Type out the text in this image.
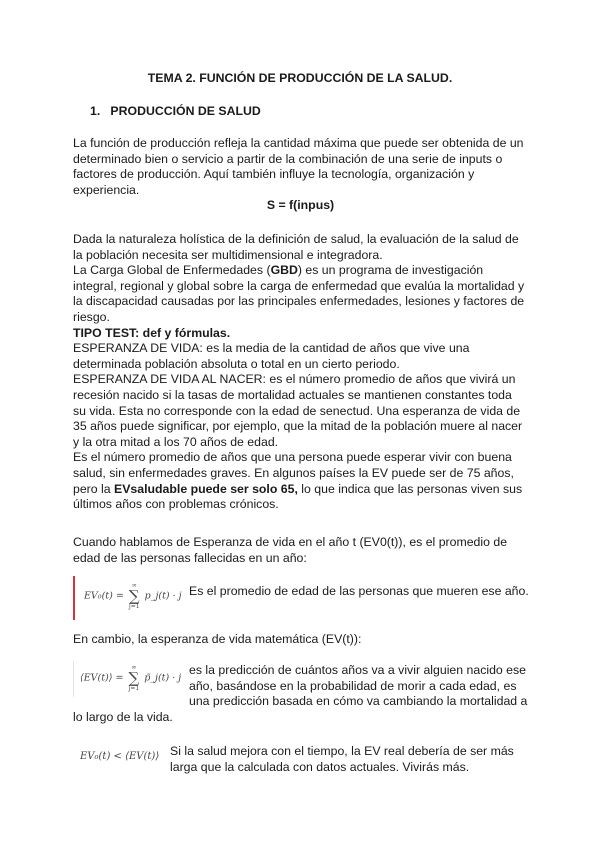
TEMA 2. FUNCIÓN DE PRODUCCIÓN DE LA SALUD.
1. PRODUCCIÓN DE SALUD

La función de producción refleja la cantidad máxima que puede ser obtenida de un determinado bien o servicio a partir de la combinación de una serie de inputs o factores de producción. Aquí también influye la tecnología, organización y experiencia.

S = f(inpus)

Dada la naturaleza holística de la definición de salud, la evaluación de la salud de la población necesita ser multidimensional e integradora.

La Carga Global de Enfermedades (GBD) es un programa de investigación integral, regional y global sobre la carga de enfermedad que evalúa la mortalidad y la discapacidad causadas por las principales enfermedades, lesiones y factores de riesgo.

TIPO TEST: def y fórmulas.

ESPERANZA DE VIDA: es la media de la cantidad de años que vive una determinada población absoluta o total en un cierto periodo.

ESPERANZA DE VIDA AL NACER: es el número promedio de años que vivirá un recesión nacido si la tasas de mortalidad actuales se mantienen constantes toda su vida. Esta no corresponde con la edad de senectud. Una esperanza de vida de 35 años puede significar, por ejemplo, que la mitad de la población muere al nacer y la otra mitad a los 70 años de edad.

Es el número promedio de años que una persona puede esperar vivir con buena salud, sin enfermedades graves. En algunos países la EV puede ser de 75 años, pero la EVsaludable puede ser solo 65, lo que indica que las personas viven sus últimos años con problemas crónicos.

Cuando hablamos de Esperanza de vida en el año t (EV0(t)), es el promedio de edad de las personas fallecidas en un año:

EV₀(t) =
∞
∑
j=1
p_j(t) · j Es el promedio de edad de las personas que mueren ese año.

En cambio, la esperanza de vida matemática (EV(t)):

⟨EV(t)⟩ =
∞
∑
j=1
p̃_j(t) · j

es la predicción de cuántos años va a vivir alguien nacido ese año, basándose en la probabilidad de morir a cada edad, es una predicción basada en cómo va cambiando la mortalidad a

lo largo de la vida.

EV₀(t) < ⟨EV(t)⟩ Si la salud mejora con el tiempo, la EV real debería de ser más larga que la calculada con datos actuales. Vivirás más.
